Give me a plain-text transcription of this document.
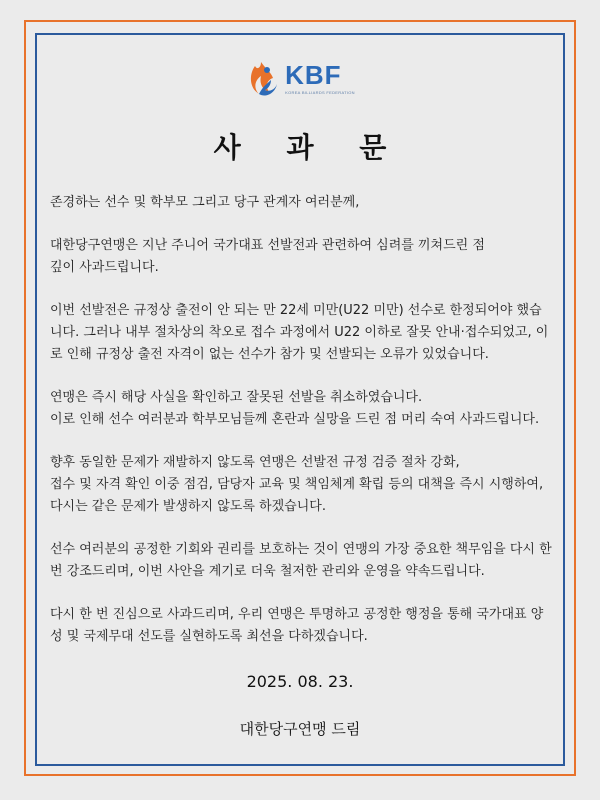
KBF
KOREA BILLIARDS FEDERATION
사 과 문

존경하는 선수 및 학부모 그리고 당구 관계자 여러분께,

대한당구연맹은 지난 주니어 국가대표 선발전과 관련하여 심려를 끼쳐드린 점
깊이 사과드립니다.

이번 선발전은 규정상 출전이 안 되는 만 22세 미만(U22 미만) 선수로 한정되어야 했습
니다. 그러나 내부 절차상의 착오로 접수 과정에서 U22 이하로 잘못 안내·접수되었고, 이
로 인해 규정상 출전 자격이 없는 선수가 참가 및 선발되는 오류가 있었습니다.

연맹은 즉시 해당 사실을 확인하고 잘못된 선발을 취소하였습니다.
이로 인해 선수 여러분과 학부모님들께 혼란과 실망을 드린 점 머리 숙여 사과드립니다.

향후 동일한 문제가 재발하지 않도록 연맹은 선발전 규정 검증 절차 강화,
접수 및 자격 확인 이중 점검, 담당자 교육 및 책임체계 확립 등의 대책을 즉시 시행하여,
다시는 같은 문제가 발생하지 않도록 하겠습니다.

선수 여러분의 공정한 기회와 권리를 보호하는 것이 연맹의 가장 중요한 책무임을 다시 한
번 강조드리며, 이번 사안을 계기로 더욱 철저한 관리와 운영을 약속드립니다.

다시 한 번 진심으로 사과드리며, 우리 연맹은 투명하고 공정한 행정을 통해 국가대표 양
성 및 국제무대 선도를 실현하도록 최선을 다하겠습니다.

2025. 08. 23.
대한당구연맹 드림
